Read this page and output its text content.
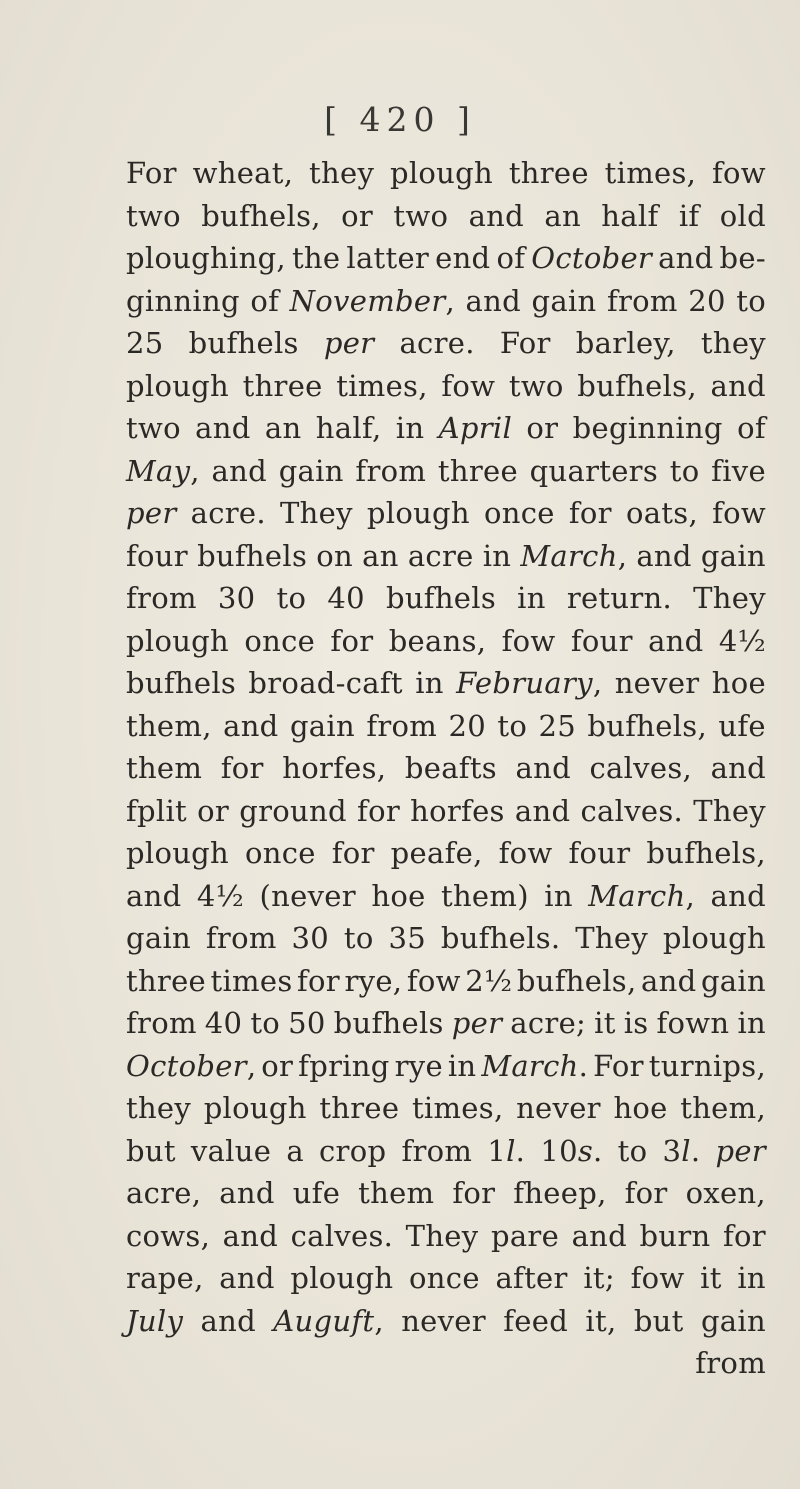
[ 420 ]
For wheat, they plough three times, fow
two bufhels, or two and an half if old
ploughing, the latter end of Oсtober and be-
ginning of November, and gain from 20 to
25 bufhels per acre. For barley, they
plough three times, fow two bufhels, and
two and an half, in April or beginning of
May, and gain from three quarters to five
per acre. They plough once for oats, fow
four bufhels on an acre in March, and gain
from 30 to 40 bufhels in return. They
plough once for beans, fow four and 4½
bufhels broad-caft in February, never hoe
them, and gain from 20 to 25 bufhels, ufe
them for horfes, beafts and calves, and
fplit or ground for horfes and calves. They
plough once for peafe, fow four bufhels,
and 4½ (never hoe them) in March, and
gain from 30 to 35 bufhels. They plough
three times for rye, fow 2½ bufhels, and gain
from 40 to 50 bufhels per acre; it is fown in
Oсtober, or fpring rye in March. For turnips,
they plough three times, never hoe them,
but value a crop from 1l. 10s. to 3l. per
acre, and ufe them for fheep, for oxen,
cows, and calves. They pare and burn for
rape, and plough once after it; fow it in
July and Auguft, never feed it, but gain
from
